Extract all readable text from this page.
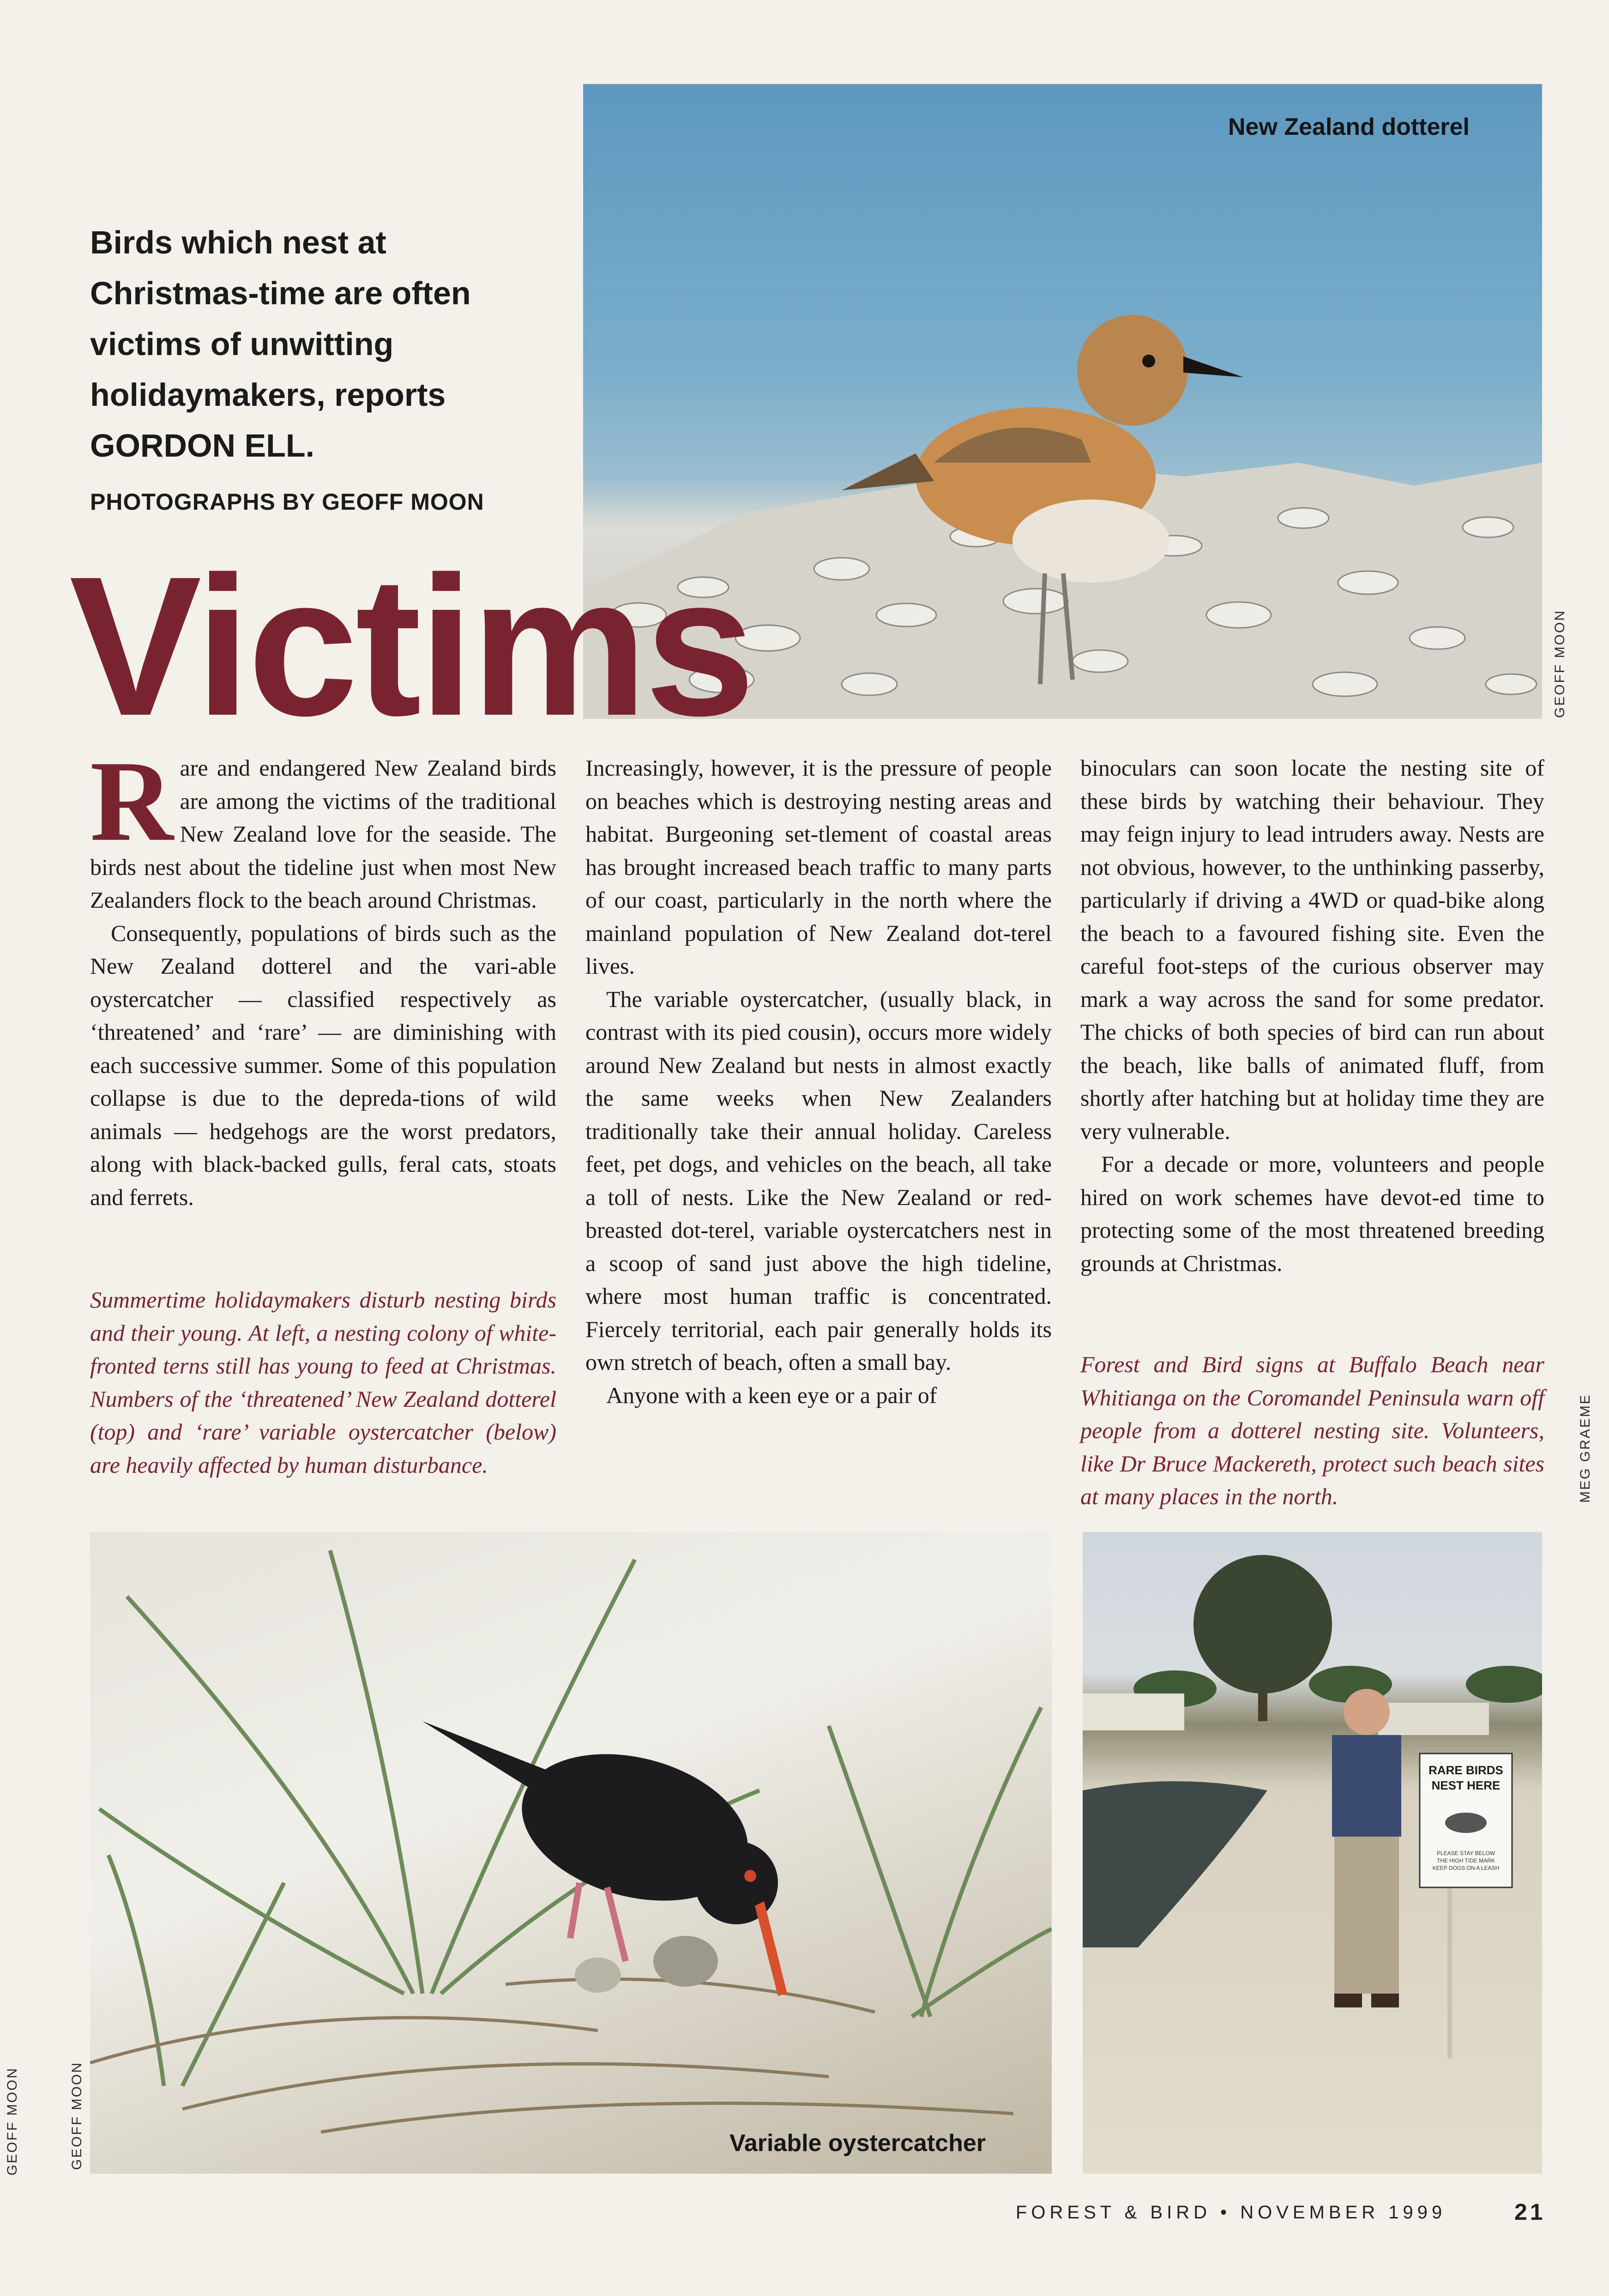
Birds which nest at Christmas-time are often victims of unwitting holidaymakers, reports GORDON ELL.
PHOTOGRAPHS BY GEOFF MOON
New Zealand dotterel
GEOFF MOON
Victims

Rare and endangered New Zealand birds are among the victims of the traditional New Zealand love for the seaside. The birds nest about the tideline just when most New Zealanders flock to the beach around Christmas.

Consequently, populations of birds such as the New Zealand dotterel and the vari-able oystercatcher — classified respectively as ‘threatened’ and ‘rare’ — are diminishing with each successive summer. Some of this population collapse is due to the depreda-tions of wild animals — hedgehogs are the worst predators, along with black-backed gulls, feral cats, stoats and ferrets.

Increasingly, however, it is the pressure of people on beaches which is destroying nesting areas and habitat. Burgeoning set-tlement of coastal areas has brought increased beach traffic to many parts of our coast, particularly in the north where the mainland population of New Zealand dot-terel lives.

The variable oystercatcher, (usually black, in contrast with its pied cousin), occurs more widely around New Zealand but nests in almost exactly the same weeks when New Zealanders traditionally take their annual holiday. Careless feet, pet dogs, and vehicles on the beach, all take a toll of nests. Like the New Zealand or red-breasted dot-terel, variable oystercatchers nest in a scoop of sand just above the high tideline, where most human traffic is concentrated. Fiercely territorial, each pair generally holds its own stretch of beach, often a small bay.

Anyone with a keen eye or a pair of

binoculars can soon locate the nesting site of these birds by watching their behaviour. They may feign injury to lead intruders away. Nests are not obvious, however, to the unthinking passerby, particularly if driving a 4WD or quad-bike along the beach to a favoured fishing site. Even the careful foot-steps of the curious observer may mark a way across the sand for some predator. The chicks of both species of bird can run about the beach, like balls of animated fluff, from shortly after hatching but at holiday time they are very vulnerable.

For a decade or more, volunteers and people hired on work schemes have devot-ed time to protecting some of the most threatened breeding grounds at Christmas.

Summertime holidaymakers disturb nesting birds and their young. At left, a nesting colony of white-fronted terns still has young to feed at Christmas. Numbers of the ‘threatened’ New Zealand dotterel (top) and ‘rare’ variable oystercatcher (below) are heavily affected by human disturbance.
Forest and Bird signs at Buffalo Beach near Whitianga on the Coromandel Peninsula warn off people from a dotterel nesting site. Volunteers, like Dr Bruce Mackereth, protect such beach sites at many places in the north.	MEG GRAEME
Variable oystercatcher
GEOFF MOON
GEOFF MOON
RARE BIRDS
NEST HERE
PLEASE STAY BELOW
THE HIGH TIDE MARK
KEEP DOGS ON A LEASH
FOREST & BIRD • NOVEMBER 1999	21
